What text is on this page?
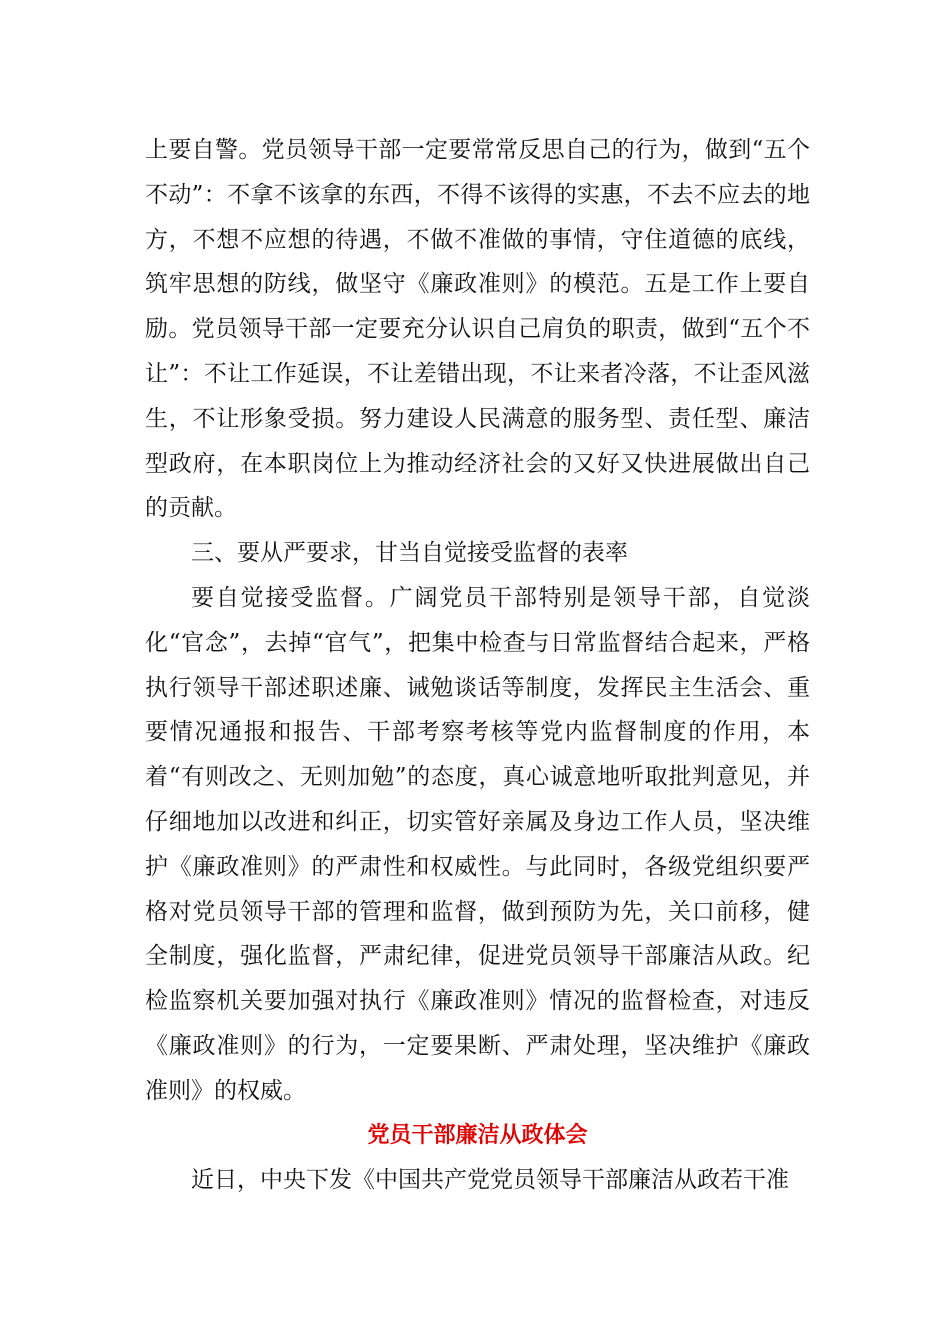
上要自警。党员领导干部一定要常常反思自己的行为，做到“五个不动”：不拿不该拿的东西，不得不该得的实惠，不去不应去的地方，不想不应想的待遇，不做不准做的事情，守住道德的底线，筑牢思想的防线，做坚守《廉政准则》的模范。五是工作上要自励。党员领导干部一定要充分认识自己肩负的职责，做到“五个不让”：不让工作延误，不让差错出现，不让来者冷落，不让歪风滋生，不让形象受损。努力建设人民满意的服务型、责任型、廉洁型政府，在本职岗位上为推动经济社会的又好又快进展做出自己的贡献。

三、要从严要求，甘当自觉接受监督的表率

要自觉接受监督。广阔党员干部特别是领导干部，自觉淡化“官念”，去掉“官气”，把集中检查与日常监督结合起来，严格执行领导干部述职述廉、诫勉谈话等制度，发挥民主生活会、重要情况通报和报告、干部考察考核等党内监督制度的作用，本着“有则改之、无则加勉”的态度，真心诚意地听取批判意见，并仔细地加以改进和纠正，切实管好亲属及身边工作人员，坚决维护《廉政准则》的严肃性和权威性。与此同时，各级党组织要严格对党员领导干部的管理和监督，做到预防为先，关口前移，健全制度，强化监督，严肃纪律，促进党员领导干部廉洁从政。纪检监察机关要加强对执行《廉政准则》情况的监督检查，对违反《廉政准则》的行为，一定要果断、严肃处理，坚决维护《廉政准则》的权威。

党员干部廉洁从政体会

近日，中央下发《中国共产党党员领导干部廉洁从政若干准
